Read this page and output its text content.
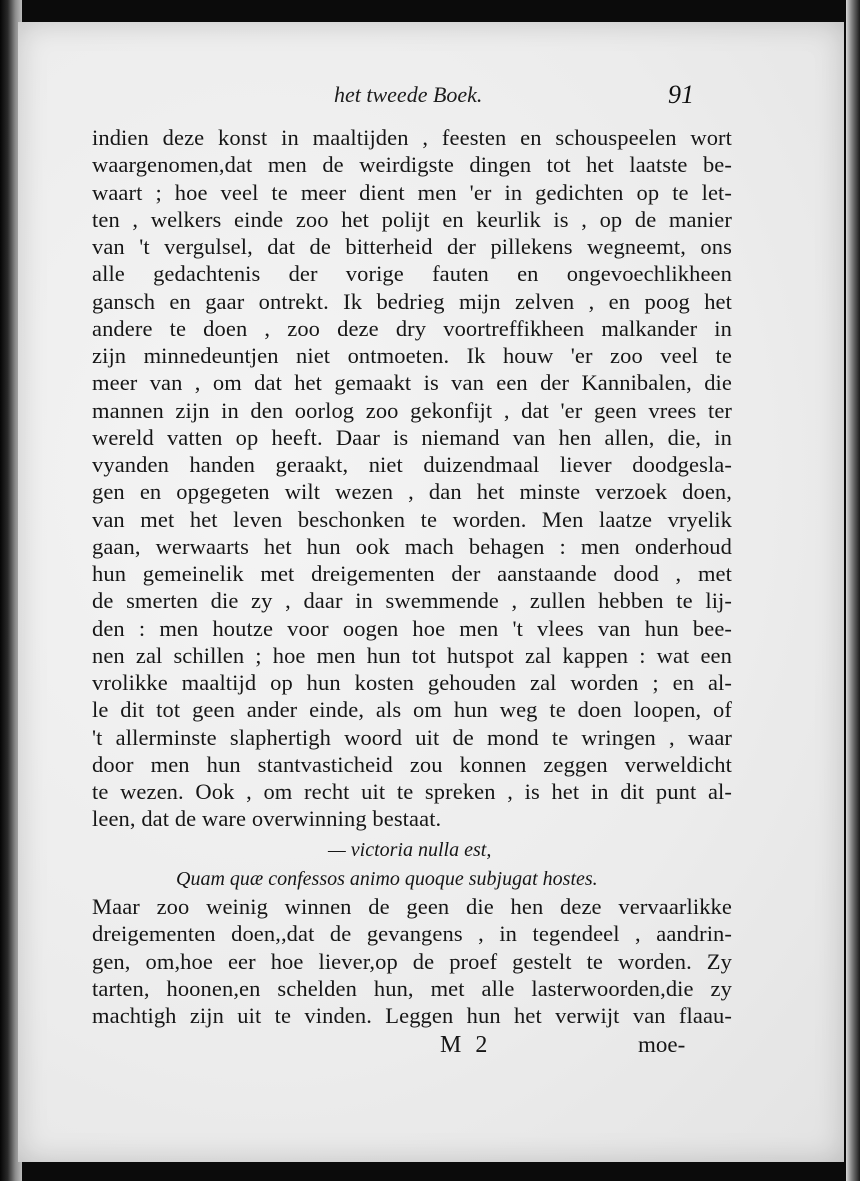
het tweede Boek.	91
indien deze konst in maaltijden , feesten en schouspeelen wort
waargenomen,dat men de weirdigste dingen tot het laatste be-
waart ; hoe veel te meer dient men 'er in gedichten op te let-
ten , welkers einde zoo het polijt en keurlik is , op de manier
van 't vergulsel, dat de bitterheid der pillekens wegneemt, ons
alle gedachtenis der vorige fauten en ongevoechlikheen
gansch en gaar ontrekt. Ik bedrieg mijn zelven , en poog het
andere te doen , zoo deze dry voortreffikheen malkander in
zijn minnedeuntjen niet ontmoeten. Ik houw 'er zoo veel te
meer van , om dat het gemaakt is van een der Kannibalen, die
mannen zijn in den oorlog zoo gekonfijt , dat 'er geen vrees ter
wereld vatten op heeft. Daar is niemand van hen allen, die, in
vyanden handen geraakt, niet duizendmaal liever doodgesla-
gen en opgegeten wilt wezen , dan het minste verzoek doen,
van met het leven beschonken te worden. Men laatze vryelik
gaan, werwaarts het hun ook mach behagen : men onderhoud
hun gemeinelik met dreigementen der aanstaande dood , met
de smerten die zy , daar in swemmende , zullen hebben te lij-
den : men houtze voor oogen hoe men 't vlees van hun bee-
nen zal schillen ; hoe men hun tot hutspot zal kappen : wat een
vrolikke maaltijd op hun kosten gehouden zal worden ; en al-
le dit tot geen ander einde, als om hun weg te doen loopen, of
't allerminste slaphertigh woord uit de mond te wringen , waar
door men hun stantvasticheid zou konnen zeggen verweldicht
te wezen. Ook , om recht uit te spreken , is het in dit punt al-
leen, dat de ware overwinning bestaat.
— victoria nulla est,
Quam quæ confessos animo quoque subjugat hostes.
Maar zoo weinig winnen de geen die hen deze vervaarlikke
dreigementen doen,,dat de gevangens , in tegendeel , aandrin-
gen, om,hoe eer hoe liever,op de proef gestelt te worden. Zy
tarten, hoonen,en schelden hun, met alle lasterwoorden,die zy
machtigh zijn uit te vinden. Leggen hun het verwijt van flaau-
M 2	moe-
